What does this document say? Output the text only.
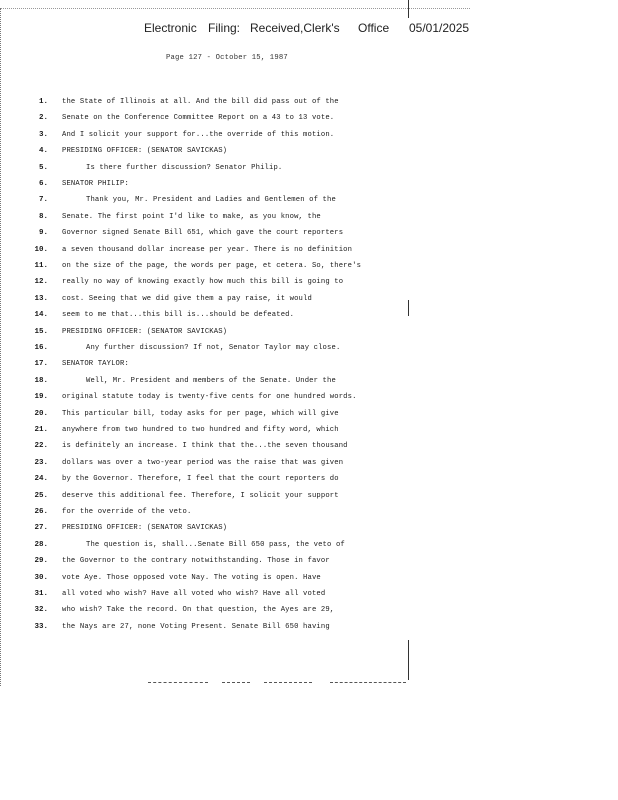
Electronic Filing: Received,Clerk's Office 05/01/2025
Page 127 - October 15, 1987
1. the State of Illinois at all. And the bill did pass out of the
2. Senate on the Conference Committee Report on a 43 to 13 vote.
3. And I solicit your support for...the override of this motion.
4. PRESIDING OFFICER: (SENATOR SAVICKAS)
5.	Is there further discussion? Senator Philip.
6. SENATOR PHILIP:
7.	Thank you, Mr. President and Ladies and Gentlemen of the
8. Senate. The first point I'd like to make, as you know, the
9. Governor signed Senate Bill 651, which gave the court reporters
10. a seven thousand dollar increase per year. There is no definition
11. on the size of the page, the words per page, et cetera. So, there's
12. really no way of knowing exactly how much this bill is going to
13. cost. Seeing that we did give them a pay raise, it would
14. seem to me that...this bill is...should be defeated.
15. PRESIDING OFFICER: (SENATOR SAVICKAS)
16.	Any further discussion? If not, Senator Taylor may close.
17. SENATOR TAYLOR:
18.	Well, Mr. President and members of the Senate. Under the
19. original statute today is twenty-five cents for one hundred words.
20. This particular bill, today asks for per page, which will give
21. anywhere from two hundred to two hundred and fifty word, which
22. is definitely an increase. I think that the...the seven thousand
23. dollars was over a two-year period was the raise that was given
24. by the Governor. Therefore, I feel that the court reporters do
25. deserve this additional fee. Therefore, I solicit your support
26. for the override of the veto.
27. PRESIDING OFFICER: (SENATOR SAVICKAS)
28.	The question is, shall...Senate Bill 650 pass, the veto of
29. the Governor to the contrary notwithstanding. Those in favor
30. vote Aye. Those opposed vote Nay. The voting is open. Have
31. all voted who wish? Have all voted who wish? Have all voted
32. who wish? Take the record. On that question, the Ayes are 29,
33. the Nays are 27, none Voting Present. Senate Bill 650 having
